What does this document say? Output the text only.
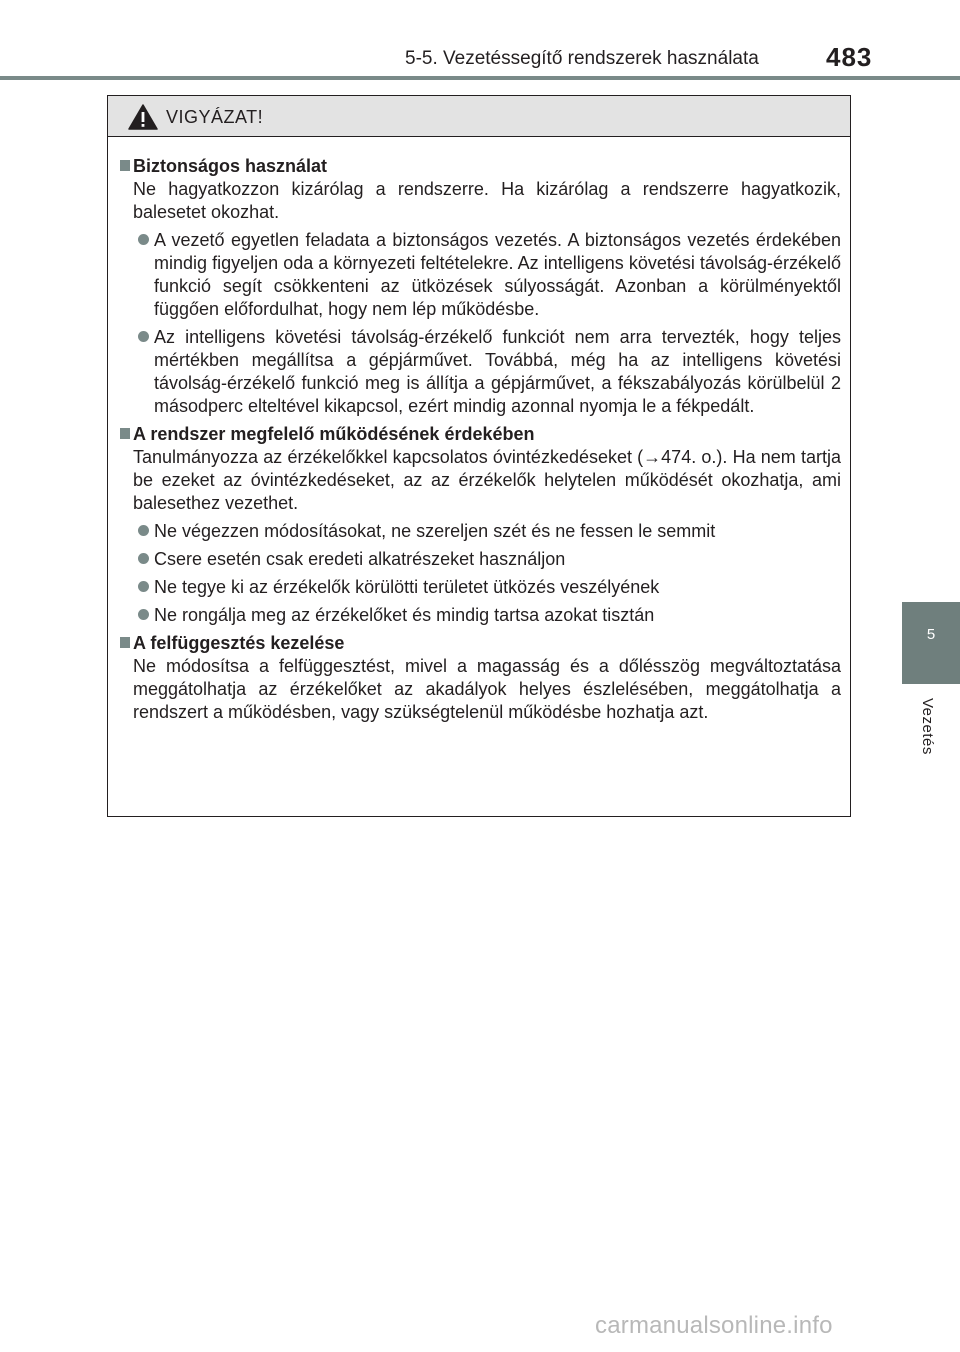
5-5. Vezetéssegítő rendszerek használata	483
5
Vezetés
VIGYÁZAT!
Biztonságos használat
Ne hagyatkozzon kizárólag a rendszerre. Ha kizárólag a rendszerre hagyatkozik, balesetet okozhat.
A vezető egyetlen feladata a biztonságos vezetés. A biztonságos vezetés érdekében mindig figyeljen oda a környezeti feltételekre. Az intelligens követési távolság-érzékelő funkció segít csökkenteni az ütközések súlyosságát. Azonban a körülményektől függően előfordulhat, hogy nem lép működésbe.
Az intelligens követési távolság-érzékelő funkciót nem arra tervezték, hogy teljes mértékben megállítsa a gépjárművet. Továbbá, még ha az intelligens követési távolság-érzékelő funkció meg is állítja a gépjárművet, a fékszabályozás körülbelül 2 másodperc elteltével kikapcsol, ezért mindig azonnal nyomja le a fékpedált.
A rendszer megfelelő működésének érdekében
Tanulmányozza az érzékelőkkel kapcsolatos óvintézkedéseket (→474. o.). Ha nem tartja be ezeket az óvintézkedéseket, az az érzékelők helytelen működését okozhatja, ami balesethez vezethet.
Ne végezzen módosításokat, ne szereljen szét és ne fessen le semmit
Csere esetén csak eredeti alkatrészeket használjon
Ne tegye ki az érzékelők körülötti területet ütközés veszélyének
Ne rongálja meg az érzékelőket és mindig tartsa azokat tisztán
A felfüggesztés kezelése
Ne módosítsa a felfüggesztést, mivel a magasság és a dőlésszög megváltoztatása meggátolhatja az érzékelőket az akadályok helyes észlelésében, meggátolhatja a rendszert a működésben, vagy szükségtelenül működésbe hozhatja azt.
carmanualsonline.info
